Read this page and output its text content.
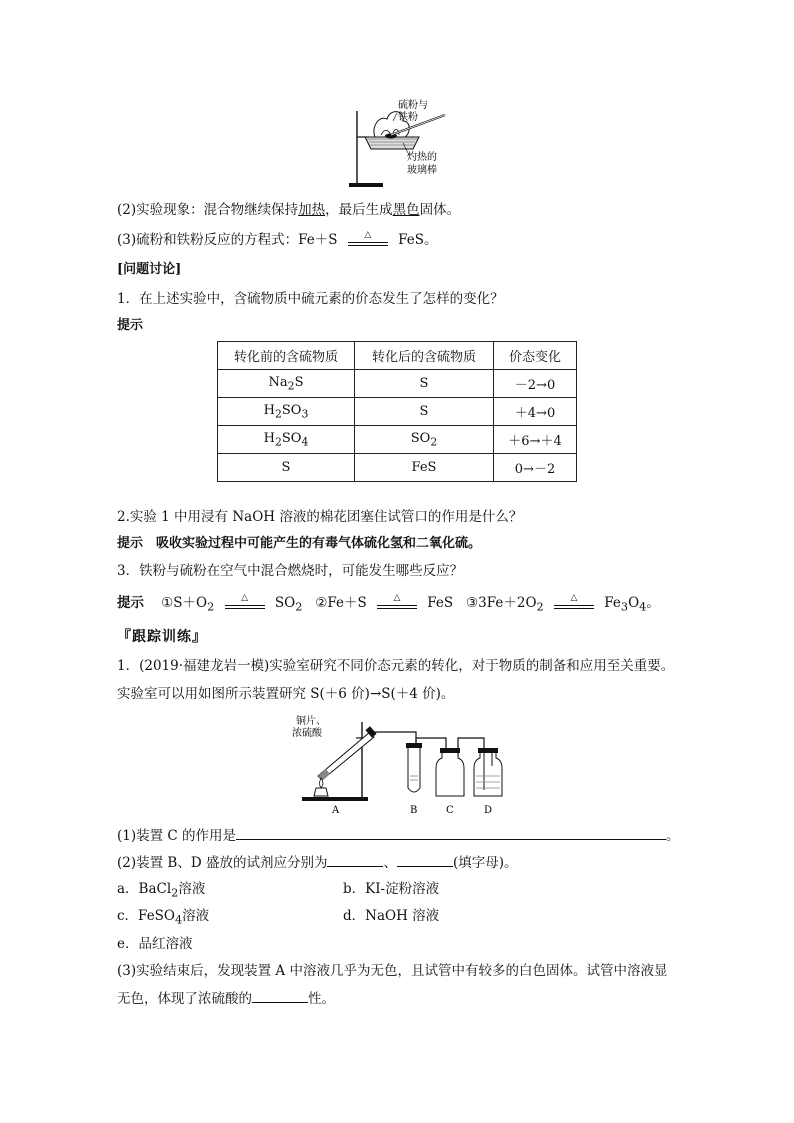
硫粉与
铁粉
灼热的
玻璃棒
(2)实验现象：混合物继续保持加热，最后生成黑色固体。
(3)硫粉和铁粉反应的方程式：Fe＋S	△	FeS。
[问题讨论]
1．在上述实验中，含硫物质中硫元素的价态发生了怎样的变化？
提示
转化前的含硫物质	转化后的含硫物质	价态变化
$Na_2S$	S	－2→0
$H_2SO_3$	S	＋4→0
$H_2SO_4$	$SO_2$	＋6→＋4
S	FeS	0→－2
2.实验 1 中用浸有 NaOH 溶液的棉花团塞住试管口的作用是什么？
提示　吸收实验过程中可能产生的有毒气体硫化氢和二氧化硫。
3．铁粉与硫粉在空气中混合燃烧时，可能发生哪些反应？
提示 $①S+O_2$
△	$SO_2$ ②Fe＋S	△	FeS $③3Fe+2O_2$
△	$Fe_3O_4$。
『跟踪训练』
1．(2019·福建龙岩一模)实验室研究不同价态元素的转化，对于物质的制备和应用至关重要。
实验室可以用如图所示装置研究 S(＋6 价)→S(＋4 价)。
铜片、
浓硫酸
A	B	C	D
(1)装置 C 的作用是	。
(2)装置 B、D 盛放的试剂应分别为	、	(填字母)。
a．BaCl$_2$溶液	b．KI-淀粉溶液
c．FeSO$_4$溶液	d．NaOH 溶液
e．品红溶液
(3)实验结束后，发现装置 A 中溶液几乎为无色，且试管中有较多的白色固体。试管中溶液显
无色，体现了浓硫酸的	性。
